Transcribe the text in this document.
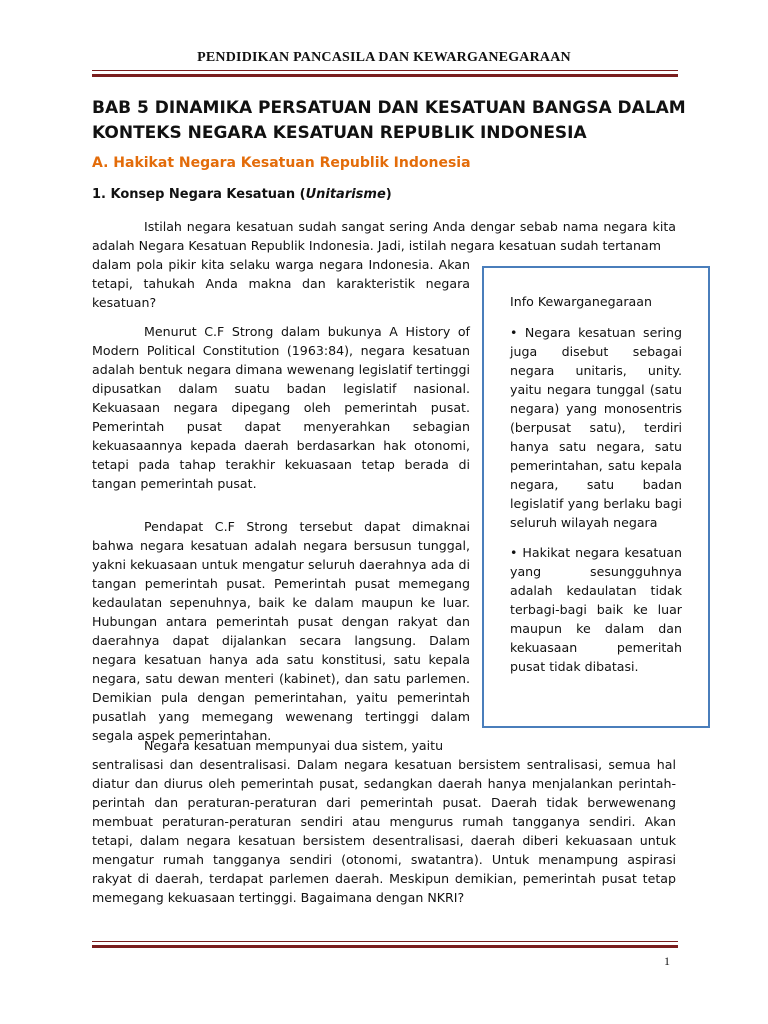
PENDIDIKAN PANCASILA DAN KEWARGANEGARAAN
BAB 5 DINAMIKA PERSATUAN DAN KESATUAN BANGSA DALAM
KONTEKS NEGARA KESATUAN REPUBLIK INDONESIA
A. Hakikat Negara Kesatuan Republik Indonesia
1. Konsep Negara Kesatuan (Unitarisme)

Istilah negara kesatuan sudah sangat sering Anda dengar sebab nama negara kita adalah Negara Kesatuan Republik Indonesia. Jadi, istilah negara kesatuan sudah tertanam

dalam pola pikir kita selaku warga negara Indonesia. Akan tetapi, tahukah Anda makna dan karakteristik negara kesatuan?

Menurut C.F Strong dalam bukunya A History of Modern Political Constitution (1963:84), negara kesatuan adalah bentuk negara dimana wewenang legislatif tertinggi dipusatkan dalam suatu badan legislatif nasional. Kekuasaan negara dipegang oleh pemerintah pusat. Pemerintah pusat dapat menyerahkan sebagian kekuasaannya kepada daerah berdasarkan hak otonomi, tetapi pada tahap terakhir kekuasaan tetap berada di tangan pemerintah pusat.

Pendapat C.F Strong tersebut dapat dimaknai bahwa negara kesatuan adalah negara bersusun tunggal, yakni kekuasaan untuk mengatur seluruh daerahnya ada di tangan pemerintah pusat. Pemerintah pusat memegang kedaulatan sepenuhnya, baik ke dalam maupun ke luar. Hubungan antara pemerintah pusat dengan rakyat dan daerahnya dapat dijalankan secara langsung. Dalam negara kesatuan hanya ada satu konstitusi, satu kepala negara, satu dewan menteri (kabinet), dan satu parlemen. Demikian pula dengan pemerintahan, yaitu pemerintah pusatlah yang memegang wewenang tertinggi dalam segala aspek pemerintahan.

Negara kesatuan mempunyai dua sistem, yaitu

sentralisasi dan desentralisasi. Dalam negara kesatuan bersistem sentralisasi, semua hal diatur dan diurus oleh pemerintah pusat, sedangkan daerah hanya menjalankan perintah-perintah dan peraturan-peraturan dari pemerintah pusat. Daerah tidak berwewenang membuat peraturan-peraturan sendiri atau mengurus rumah tangganya sendiri. Akan tetapi, dalam negara kesatuan bersistem desentralisasi, daerah diberi kekuasaan untuk mengatur rumah tangganya sendiri (otonomi, swatantra). Untuk menampung aspirasi rakyat di daerah, terdapat parlemen daerah. Meskipun demikian, pemerintah pusat tetap memegang kekuasaan tertinggi. Bagaimana dengan NKRI?

Info Kewarganegaraan

• Negara kesatuan sering juga disebut sebagai negara unitaris, unity. yaitu negara tunggal (satu negara) yang monosentris (berpusat satu), terdiri hanya satu negara, satu pemerintahan, satu kepala negara, satu badan legislatif yang berlaku bagi seluruh wilayah negara

• Hakikat negara kesatuan yang sesungguhnya adalah kedaulatan tidak terbagi-bagi baik ke luar maupun ke dalam dan kekuasaan pemeritah pusat tidak dibatasi.

1
